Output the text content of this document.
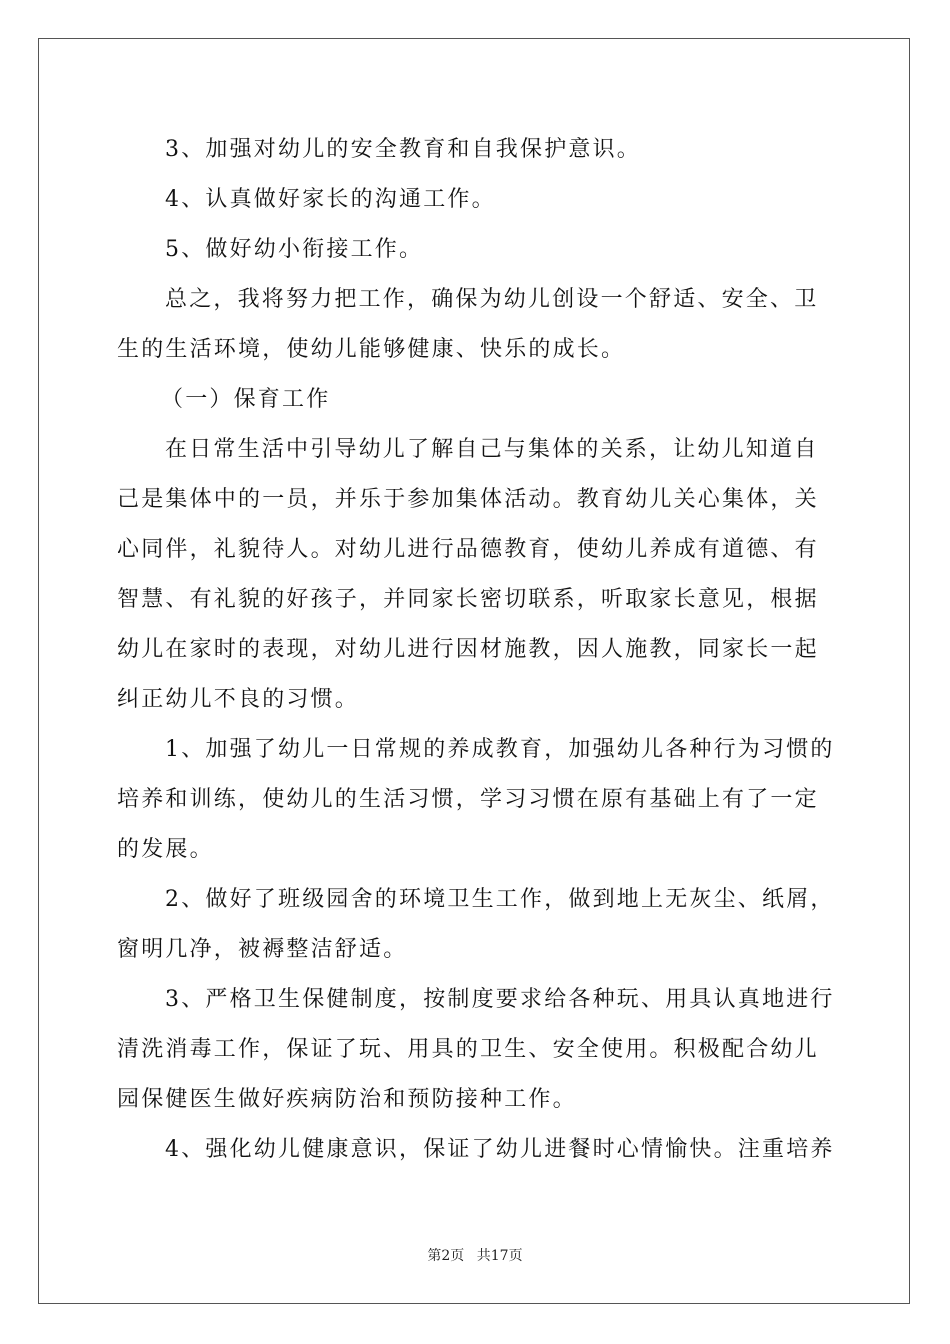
3、加强对幼儿的安全教育和自我保护意识。

4、认真做好家长的沟通工作。

5、做好幼小衔接工作。

总之，我将努力把工作，确保为幼儿创设一个舒适、安全、卫生的生活环境，使幼儿能够健康、快乐的成长。

（一）保育工作

在日常生活中引导幼儿了解自己与集体的关系，让幼儿知道自己是集体中的一员，并乐于参加集体活动。教育幼儿关心集体，关心同伴，礼貌待人。对幼儿进行品德教育，使幼儿养成有道德、有智慧、有礼貌的好孩子，并同家长密切联系，听取家长意见，根据幼儿在家时的表现，对幼儿进行因材施教，因人施教，同家长一起纠正幼儿不良的习惯。

1、加强了幼儿一日常规的养成教育，加强幼儿各种行为习惯的培养和训练，使幼儿的生活习惯，学习习惯在原有基础上有了一定的发展。

2、做好了班级园舍的环境卫生工作，做到地上无灰尘、纸屑，窗明几净，被褥整洁舒适。

3、严格卫生保健制度，按制度要求给各种玩、用具认真地进行清洗消毒工作，保证了玩、用具的卫生、安全使用。积极配合幼儿园保健医生做好疾病防治和预防接种工作。

4、强化幼儿健康意识，保证了幼儿进餐时心情愉快。注重培养

第2页 共17页
